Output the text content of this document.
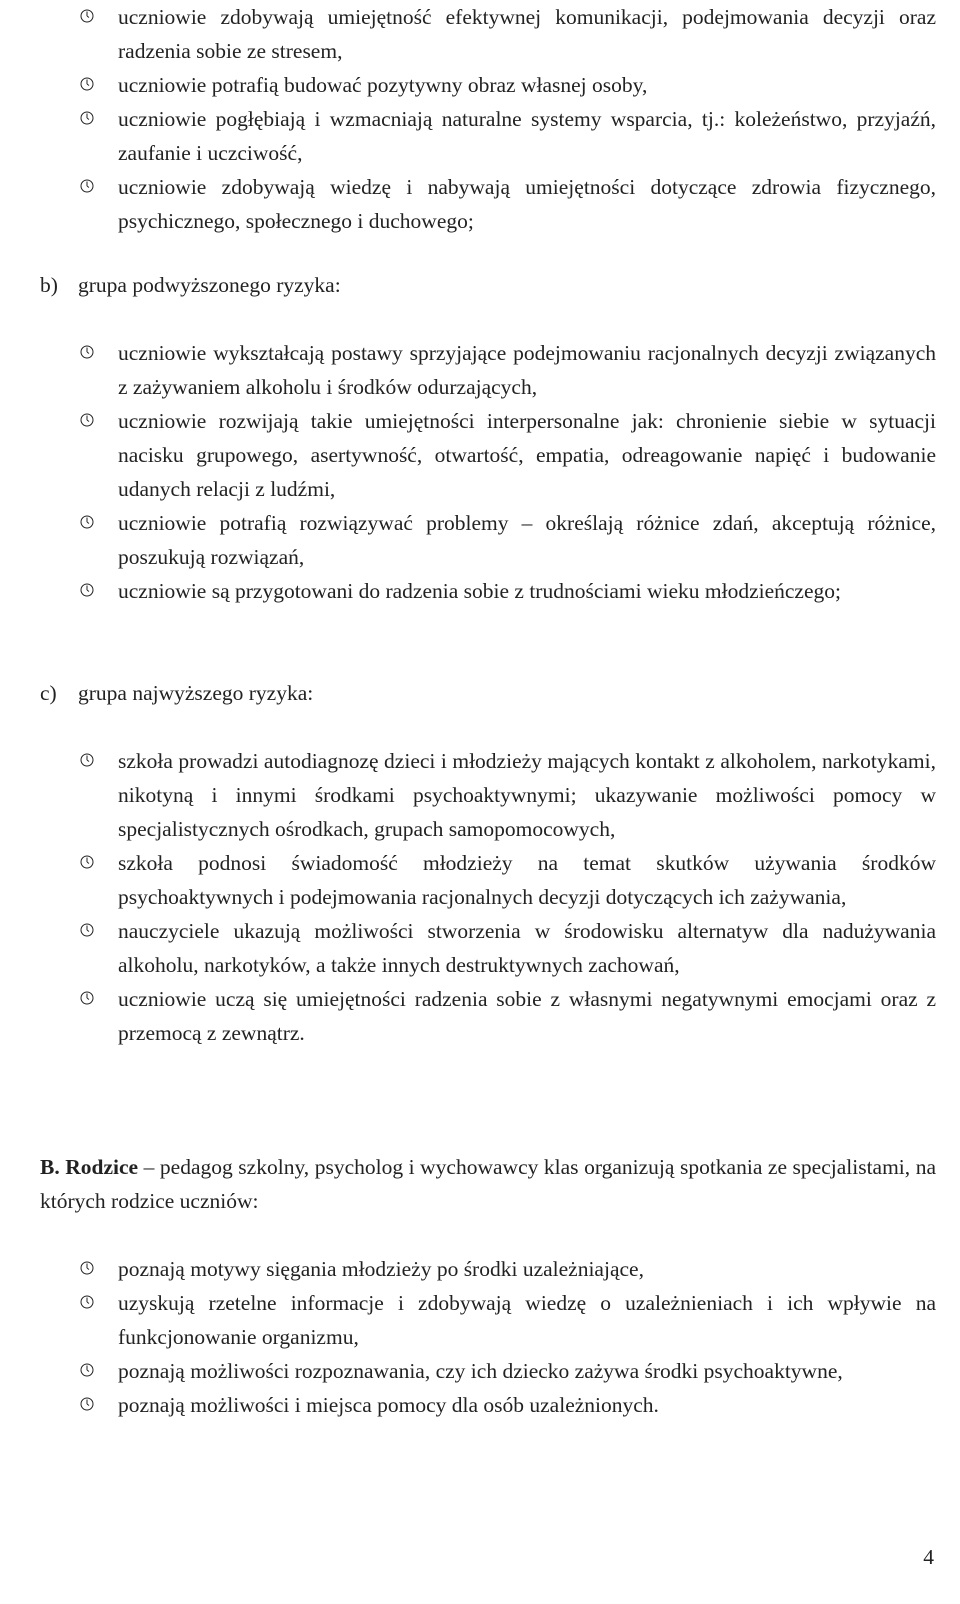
uczniowie zdobywają umiejętność efektywnej komunikacji, podejmowania decyzji oraz radzenia sobie ze stresem,
uczniowie potrafią budować pozytywny obraz własnej osoby,
uczniowie pogłębiają i wzmacniają naturalne systemy wsparcia, tj.: koleżeństwo, przyjaźń, zaufanie i uczciwość,
uczniowie zdobywają wiedzę i nabywają umiejętności dotyczące zdrowia fizycznego, psychicznego, społecznego i duchowego;

b) grupa podwyższonego ryzyka:

uczniowie wykształcają postawy sprzyjające podejmowaniu racjonalnych decyzji związanych z zażywaniem alkoholu i środków odurzających,
uczniowie rozwijają takie umiejętności interpersonalne jak: chronienie siebie w sytuacji nacisku grupowego, asertywność, otwartość, empatia, odreagowanie napięć i budowanie udanych relacji z ludźmi,
uczniowie potrafią rozwiązywać problemy – określają różnice zdań, akceptują różnice, poszukują rozwiązań,
uczniowie są przygotowani do radzenia sobie z trudnościami wieku młodzieńczego;

c) grupa najwyższego ryzyka:

szkoła prowadzi autodiagnozę dzieci i młodzieży mających kontakt z alkoholem, narkotykami, nikotyną i innymi środkami psychoaktywnymi; ukazywanie możliwości pomocy w specjalistycznych ośrodkach, grupach samopomocowych,
szkoła podnosi świadomość młodzieży na temat skutków używania środków psychoaktywnych i podejmowania racjonalnych decyzji dotyczących ich zażywania,
nauczyciele ukazują możliwości stworzenia w środowisku alternatyw dla nadużywania alkoholu, narkotyków, a także innych destruktywnych zachowań,
uczniowie uczą się umiejętności radzenia sobie z własnymi negatywnymi emocjami oraz z przemocą z zewnątrz.

B. Rodzice – pedagog szkolny, psycholog i wychowawcy klas organizują spotkania ze specjalistami, na których rodzice uczniów:

poznają motywy sięgania młodzieży po środki uzależniające,
uzyskują rzetelne informacje i zdobywają wiedzę o uzależnieniach i ich wpływie na funkcjonowanie organizmu,
poznają możliwości rozpoznawania, czy ich dziecko zażywa środki psychoaktywne,
poznają możliwości i miejsca pomocy dla osób uzależnionych.
4
